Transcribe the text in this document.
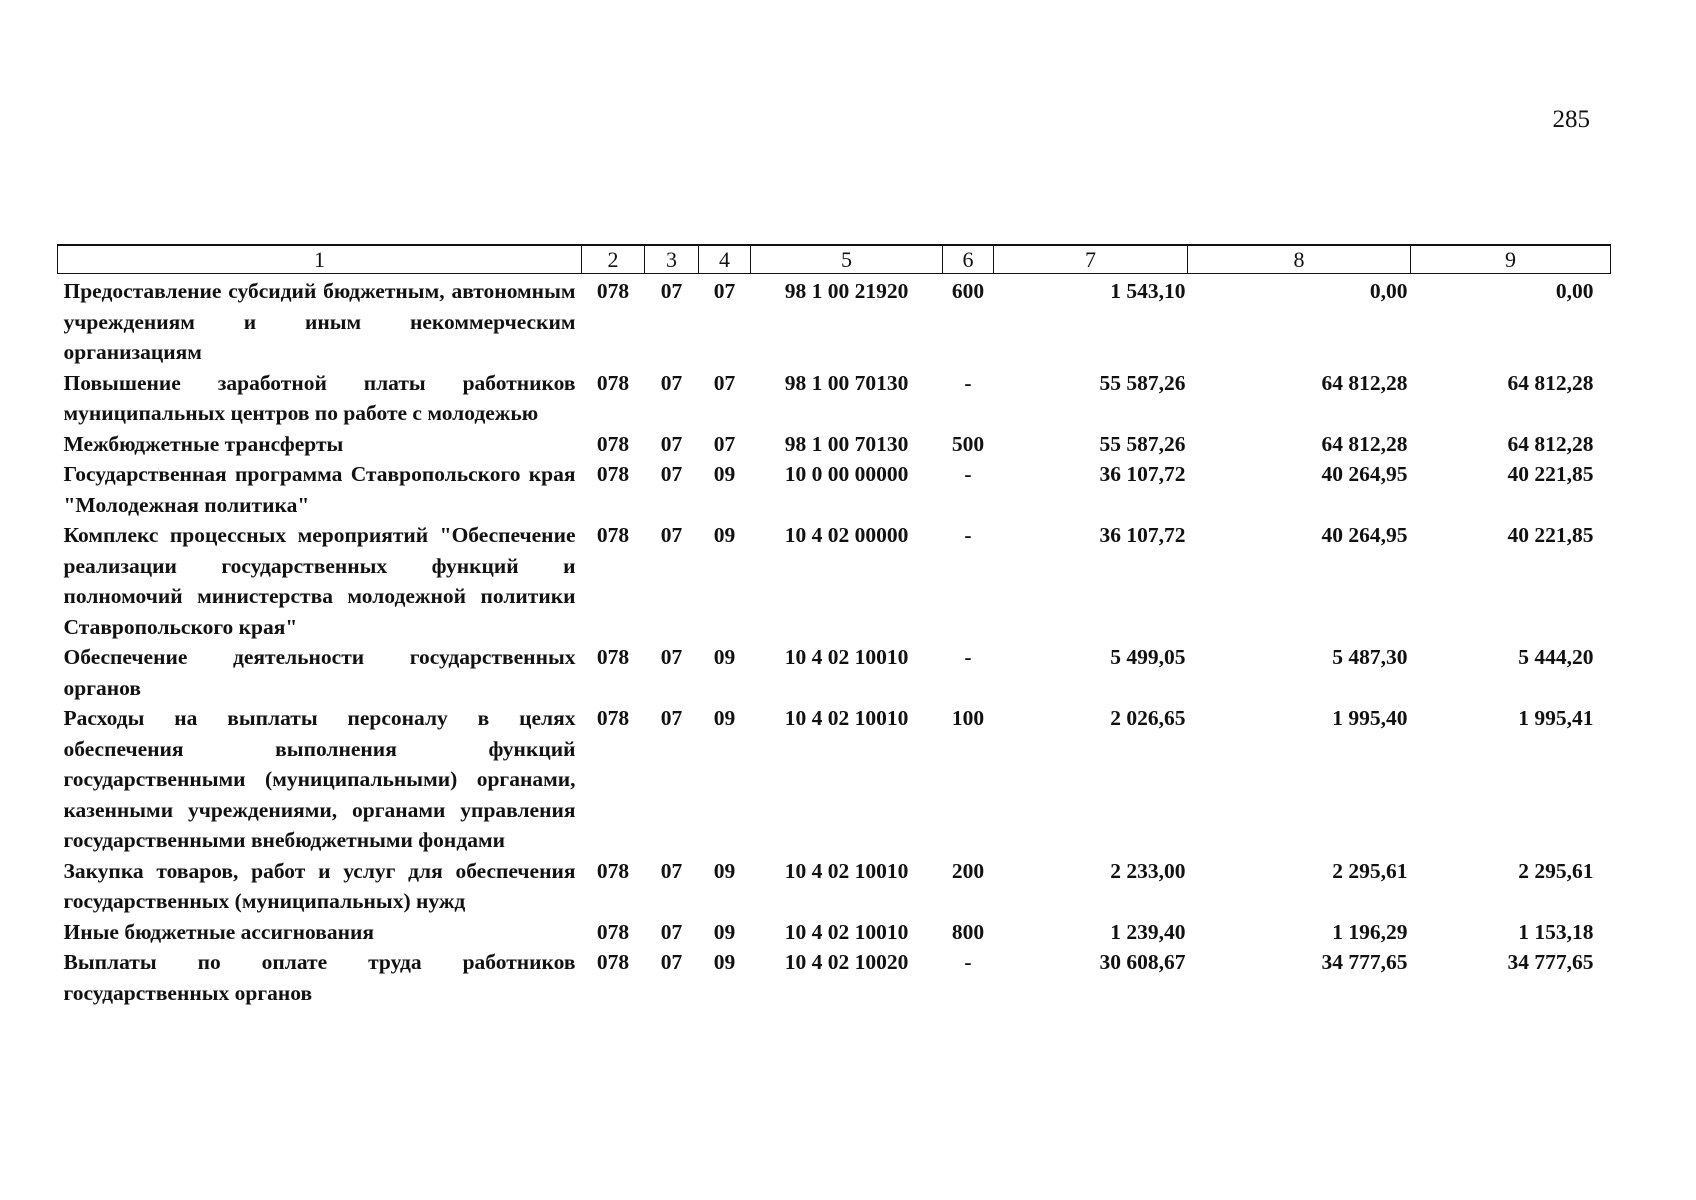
285
1	2	3	4	5	6	7	8	9
Предоставление субсидий бюджетным, автономным учреждениям и иным некоммерческим организациям	078	07	07	98 1 00 21920	600	1 543,10	0,00	0,00
Повышение заработной платы работников муниципальных центров по работе с молодежью	078	07	07	98 1 00 70130	-	55 587,26	64 812,28	64 812,28
Межбюджетные трансферты	078	07	07	98 1 00 70130	500	55 587,26	64 812,28	64 812,28
Государственная программа Ставропольского края "Молодежная политика"	078	07	09	10 0 00 00000	-	36 107,72	40 264,95	40 221,85
Комплекс процессных мероприятий "Обеспечение реализации государственных функций и полномочий министерства молодежной политики Ставропольского края"	078	07	09	10 4 02 00000	-	36 107,72	40 264,95	40 221,85
Обеспечение деятельности государственных органов	078	07	09	10 4 02 10010	-	5 499,05	5 487,30	5 444,20
Расходы на выплаты персоналу в целях обеспечения выполнения функций государственными (муниципальными) органами, казенными учреждениями, органами управления государственными внебюджетными фондами	078	07	09	10 4 02 10010	100	2 026,65	1 995,40	1 995,41
Закупка товаров, работ и услуг для обеспечения государственных (муниципальных) нужд	078	07	09	10 4 02 10010	200	2 233,00	2 295,61	2 295,61
Иные бюджетные ассигнования	078	07	09	10 4 02 10010	800	1 239,40	1 196,29	1 153,18
Выплаты по оплате труда работников государственных органов	078	07	09	10 4 02 10020	-	30 608,67	34 777,65	34 777,65
